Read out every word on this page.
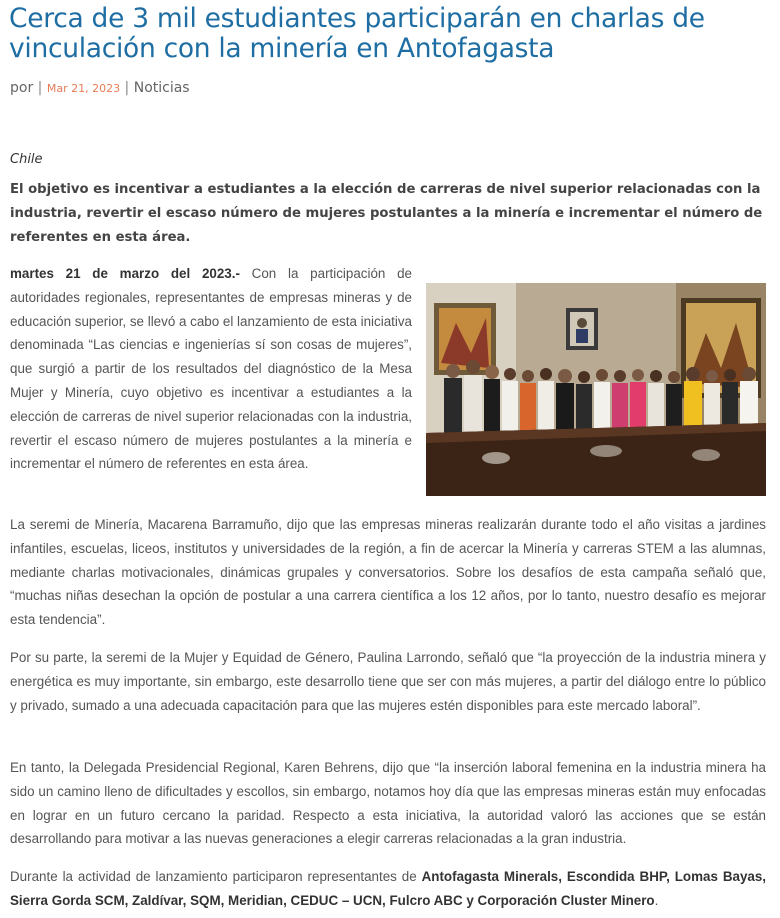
Cerca de 3 mil estudiantes participarán en charlas de vinculación con la minería en Antofagasta
por | Mar 21, 2023 | Noticias
Chile

El objetivo es incentivar a estudiantes a la elección de carreras de nivel superior relacionadas con la industria, revertir el escaso número de mujeres postulantes a la minería e incrementar el número de referentes en esta área.

martes 21 de marzo del 2023.- Con la participación de autoridades regionales, representantes de empresas mineras y de educación superior, se llevó a cabo el lanzamiento de esta iniciativa denominada “Las ciencias e ingenierías sí son cosas de mujeres”, que surgió a partir de los resultados del diagnóstico de la Mesa Mujer y Minería, cuyo objetivo es incentivar a estudiantes a la elección de carreras de nivel superior relacionadas con la industria, revertir el escaso número de mujeres postulantes a la minería e incrementar el número de referentes en esta área.

La seremi de Minería, Macarena Barramuño, dijo que las empresas mineras realizarán durante todo el año visitas a jardines infantiles, escuelas, liceos, institutos y universidades de la región, a fin de acercar la Minería y carreras STEM a las alumnas, mediante charlas motivacionales, dinámicas grupales y conversatorios. Sobre los desafíos de esta campaña señaló que, “muchas niñas desechan la opción de postular a una carrera científica a los 12 años, por lo tanto, nuestro desafío es mejorar esta tendencia”.

Por su parte, la seremi de la Mujer y Equidad de Género, Paulina Larrondo, señaló que “la proyección de la industria minera y energética es muy importante, sin embargo, este desarrollo tiene que ser con más mujeres, a partir del diálogo entre lo público y privado, sumado a una adecuada capacitación para que las mujeres estén disponibles para este mercado laboral”.

En tanto, la Delegada Presidencial Regional, Karen Behrens, dijo que “la inserción laboral femenina en la industria minera ha sido un camino lleno de dificultades y escollos, sin embargo, notamos hoy día que las empresas mineras están muy enfocadas en lograr en un futuro cercano la paridad. Respecto a esta iniciativa, la autoridad valoró las acciones que se están desarrollando para motivar a las nuevas generaciones a elegir carreras relacionadas a la gran industria.

Durante la actividad de lanzamiento participaron representantes de Antofagasta Minerals, Escondida BHP, Lomas Bayas, Sierra Gorda SCM, Zaldívar, SQM, Meridian, CEDUC – UCN, Fulcro ABC y Corporación Cluster Minero.
